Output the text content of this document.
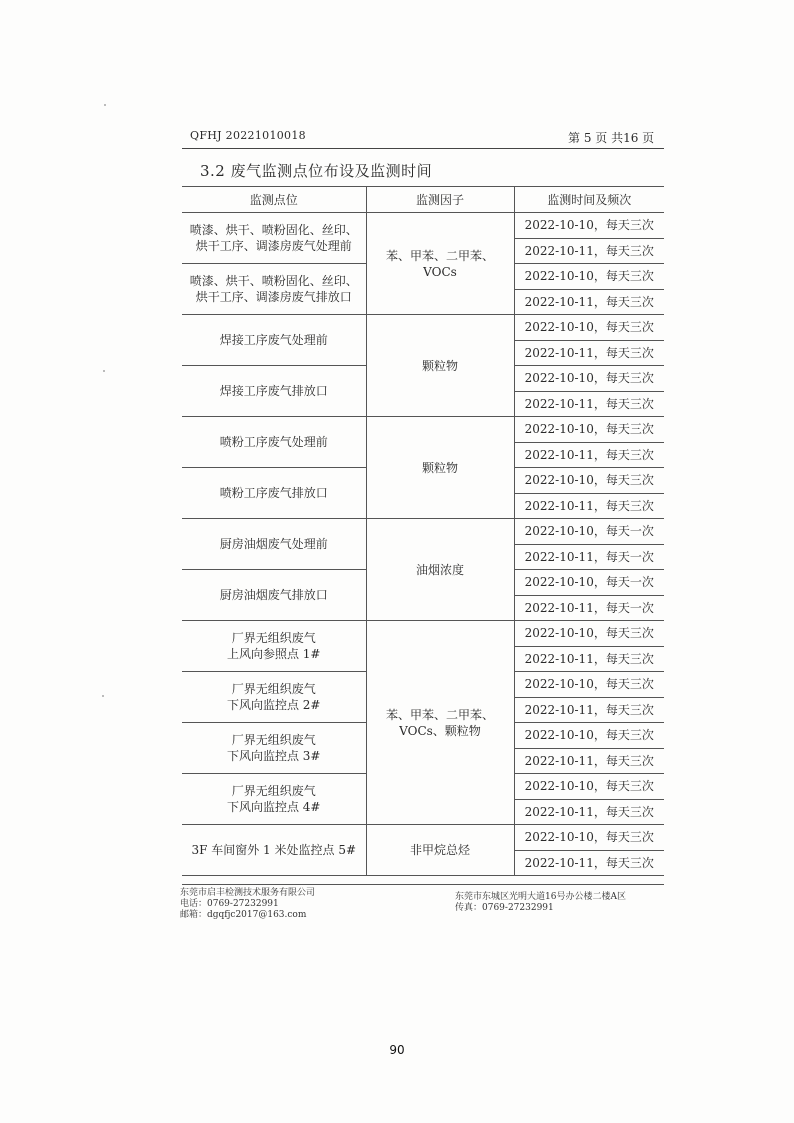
QFHJ 20221010018	第 5 页 共16 页
3.2 废气监测点位布设及监测时间
监测点位	监测因子	监测时间及频次
喷漆、烘干、喷粉固化、丝印、烘干工序、调漆房废气处理前	苯、甲苯、二甲苯、VOCs	2022-10-10，每天三次
		2022-10-11，每天三次
喷漆、烘干、喷粉固化、丝印、烘干工序、调漆房废气排放口		2022-10-10，每天三次
		2022-10-11，每天三次
焊接工序废气处理前	颗粒物	2022-10-10，每天三次
		2022-10-11，每天三次
焊接工序废气排放口		2022-10-10，每天三次
		2022-10-11，每天三次
喷粉工序废气处理前	颗粒物	2022-10-10，每天三次
		2022-10-11，每天三次
喷粉工序废气排放口		2022-10-10，每天三次
		2022-10-11，每天三次
厨房油烟废气处理前	油烟浓度	2022-10-10，每天一次
		2022-10-11，每天一次
厨房油烟废气排放口		2022-10-10，每天一次
		2022-10-11，每天一次
厂界无组织废气
上风向参照点 1#	苯、甲苯、二甲苯、VOCs、颗粒物	2022-10-10，每天三次
		2022-10-11，每天三次
厂界无组织废气
下风向监控点 2#		2022-10-10，每天三次
		2022-10-11，每天三次
厂界无组织废气
下风向监控点 3#		2022-10-10，每天三次
		2022-10-11，每天三次
厂界无组织废气
下风向监控点 4#		2022-10-10，每天三次
		2022-10-11，每天三次
3F 车间窗外 1 米处监控点 5#	非甲烷总烃	2022-10-10，每天三次
		2022-10-11，每天三次
东莞市启丰检测技术服务有限公司
电话：0769-27232991
邮箱：dgqfjc2017@163.com
东莞市东城区光明大道16号办公楼二楼A区
传真：0769-27232991
90
